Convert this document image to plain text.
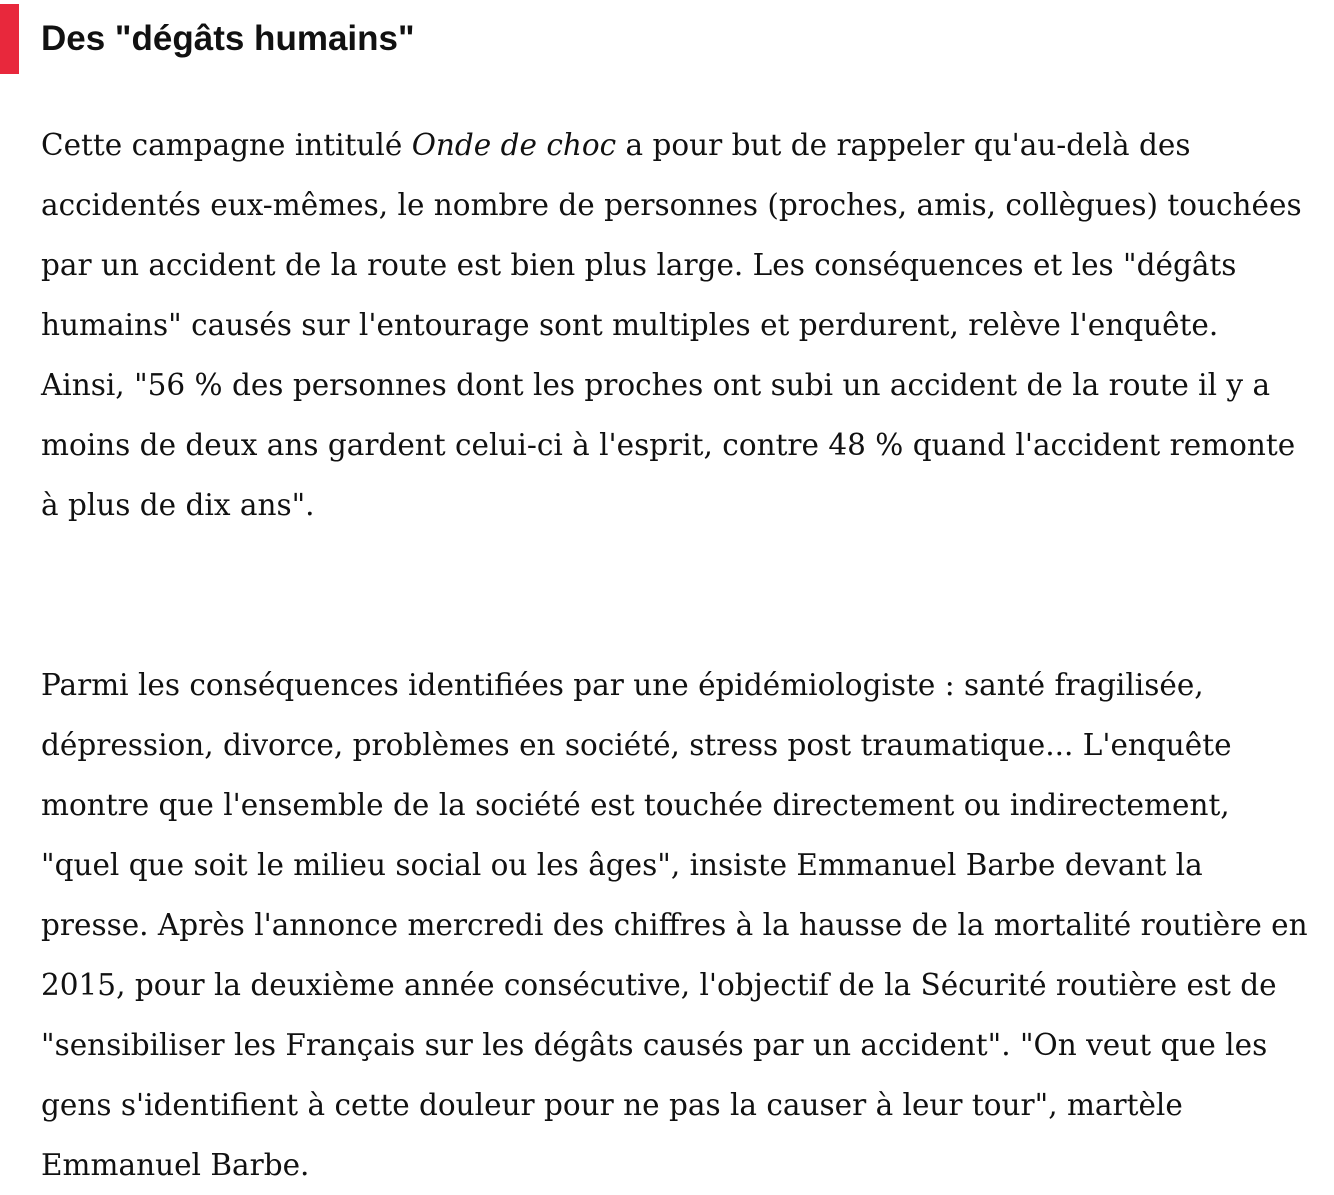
Des "dégâts humains"

Cette campagne intitulé Onde de choc a pour but de rappeler qu'au-delà des accidentés eux-mêmes, le nombre de personnes (proches, amis, collègues) touchées par un accident de la route est bien plus large. Les conséquences et les "dégâts humains" causés sur l'entourage sont multiples et perdurent, relève l'enquête. Ainsi, "56 % des personnes dont les proches ont subi un accident de la route il y a moins de deux ans gardent celui-ci à l'esprit, contre 48 % quand l'accident remonte à plus de dix ans".

Parmi les conséquences identifiées par une épidémiologiste : santé fragilisée, dépression, divorce, problèmes en société, stress post traumatique... L'enquête montre que l'ensemble de la société est touchée directement ou indirectement, "quel que soit le milieu social ou les âges", insiste Emmanuel Barbe devant la presse. Après l'annonce mercredi des chiffres à la hausse de la mortalité routière en 2015, pour la deuxième année consécutive, l'objectif de la Sécurité routière est de "sensibiliser les Français sur les dégâts causés par un accident". "On veut que les gens s'identifient à cette douleur pour ne pas la causer à leur tour", martèle Emmanuel Barbe.
